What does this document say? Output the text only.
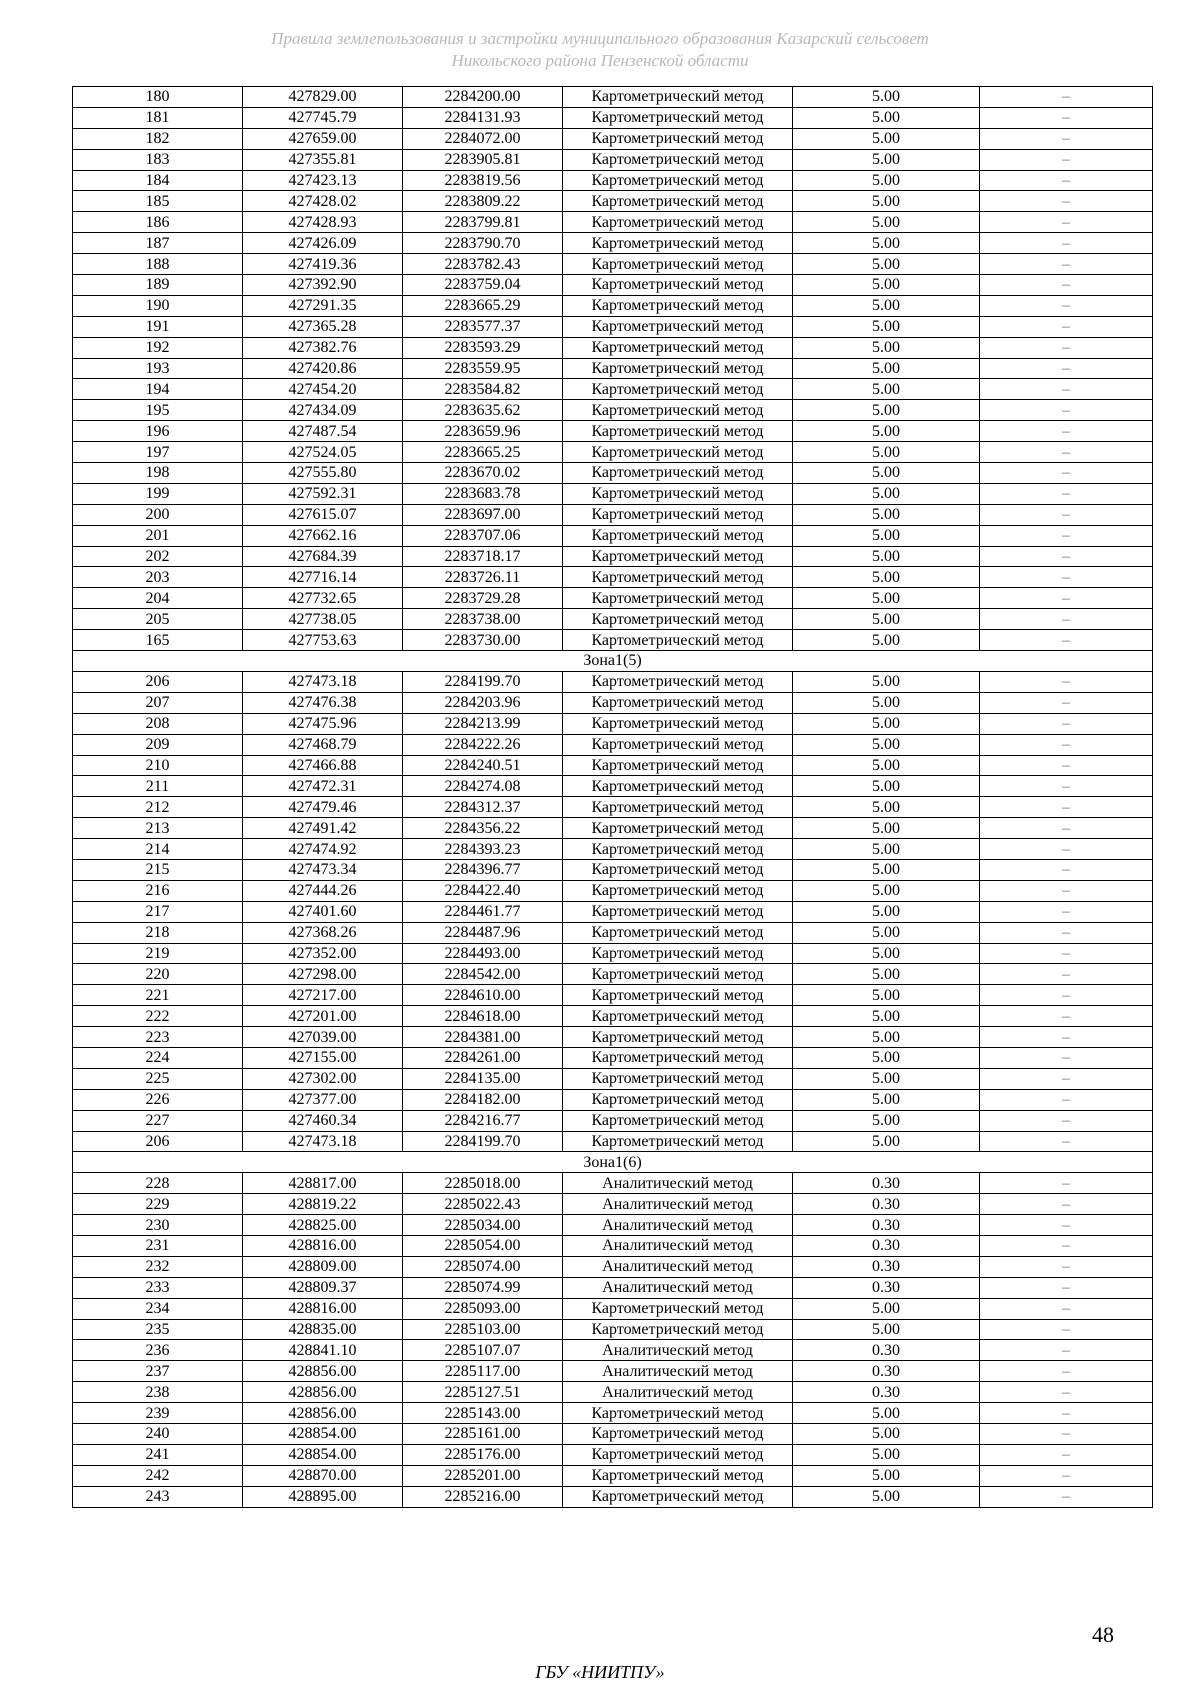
Правила землепользования и застройки муниципального образования Казарский сельсовет
Никольского района Пензенской области
180	427829.00	2284200.00	Картометрический метод	5.00	–
181	427745.79	2284131.93	Картометрический метод	5.00	–
182	427659.00	2284072.00	Картометрический метод	5.00	–
183	427355.81	2283905.81	Картометрический метод	5.00	–
184	427423.13	2283819.56	Картометрический метод	5.00	–
185	427428.02	2283809.22	Картометрический метод	5.00	–
186	427428.93	2283799.81	Картометрический метод	5.00	–
187	427426.09	2283790.70	Картометрический метод	5.00	–
188	427419.36	2283782.43	Картометрический метод	5.00	–
189	427392.90	2283759.04	Картометрический метод	5.00	–
190	427291.35	2283665.29	Картометрический метод	5.00	–
191	427365.28	2283577.37	Картометрический метод	5.00	–
192	427382.76	2283593.29	Картометрический метод	5.00	–
193	427420.86	2283559.95	Картометрический метод	5.00	–
194	427454.20	2283584.82	Картометрический метод	5.00	–
195	427434.09	2283635.62	Картометрический метод	5.00	–
196	427487.54	2283659.96	Картометрический метод	5.00	–
197	427524.05	2283665.25	Картометрический метод	5.00	–
198	427555.80	2283670.02	Картометрический метод	5.00	–
199	427592.31	2283683.78	Картометрический метод	5.00	–
200	427615.07	2283697.00	Картометрический метод	5.00	–
201	427662.16	2283707.06	Картометрический метод	5.00	–
202	427684.39	2283718.17	Картометрический метод	5.00	–
203	427716.14	2283726.11	Картометрический метод	5.00	–
204	427732.65	2283729.28	Картометрический метод	5.00	–
205	427738.05	2283738.00	Картометрический метод	5.00	–
165	427753.63	2283730.00	Картометрический метод	5.00	–
Зона1(5)					
206	427473.18	2284199.70	Картометрический метод	5.00	–
207	427476.38	2284203.96	Картометрический метод	5.00	–
208	427475.96	2284213.99	Картометрический метод	5.00	–
209	427468.79	2284222.26	Картометрический метод	5.00	–
210	427466.88	2284240.51	Картометрический метод	5.00	–
211	427472.31	2284274.08	Картометрический метод	5.00	–
212	427479.46	2284312.37	Картометрический метод	5.00	–
213	427491.42	2284356.22	Картометрический метод	5.00	–
214	427474.92	2284393.23	Картометрический метод	5.00	–
215	427473.34	2284396.77	Картометрический метод	5.00	–
216	427444.26	2284422.40	Картометрический метод	5.00	–
217	427401.60	2284461.77	Картометрический метод	5.00	–
218	427368.26	2284487.96	Картометрический метод	5.00	–
219	427352.00	2284493.00	Картометрический метод	5.00	–
220	427298.00	2284542.00	Картометрический метод	5.00	–
221	427217.00	2284610.00	Картометрический метод	5.00	–
222	427201.00	2284618.00	Картометрический метод	5.00	–
223	427039.00	2284381.00	Картометрический метод	5.00	–
224	427155.00	2284261.00	Картометрический метод	5.00	–
225	427302.00	2284135.00	Картометрический метод	5.00	–
226	427377.00	2284182.00	Картометрический метод	5.00	–
227	427460.34	2284216.77	Картометрический метод	5.00	–
206	427473.18	2284199.70	Картометрический метод	5.00	–
Зона1(6)					
228	428817.00	2285018.00	Аналитический метод	0.30	–
229	428819.22	2285022.43	Аналитический метод	0.30	–
230	428825.00	2285034.00	Аналитический метод	0.30	–
231	428816.00	2285054.00	Аналитический метод	0.30	–
232	428809.00	2285074.00	Аналитический метод	0.30	–
233	428809.37	2285074.99	Аналитический метод	0.30	–
234	428816.00	2285093.00	Картометрический метод	5.00	–
235	428835.00	2285103.00	Картометрический метод	5.00	–
236	428841.10	2285107.07	Аналитический метод	0.30	–
237	428856.00	2285117.00	Аналитический метод	0.30	–
238	428856.00	2285127.51	Аналитический метод	0.30	–
239	428856.00	2285143.00	Картометрический метод	5.00	–
240	428854.00	2285161.00	Картометрический метод	5.00	–
241	428854.00	2285176.00	Картометрический метод	5.00	–
242	428870.00	2285201.00	Картометрический метод	5.00	–
243	428895.00	2285216.00	Картометрический метод	5.00	–
48
ГБУ «НИИТПУ»
